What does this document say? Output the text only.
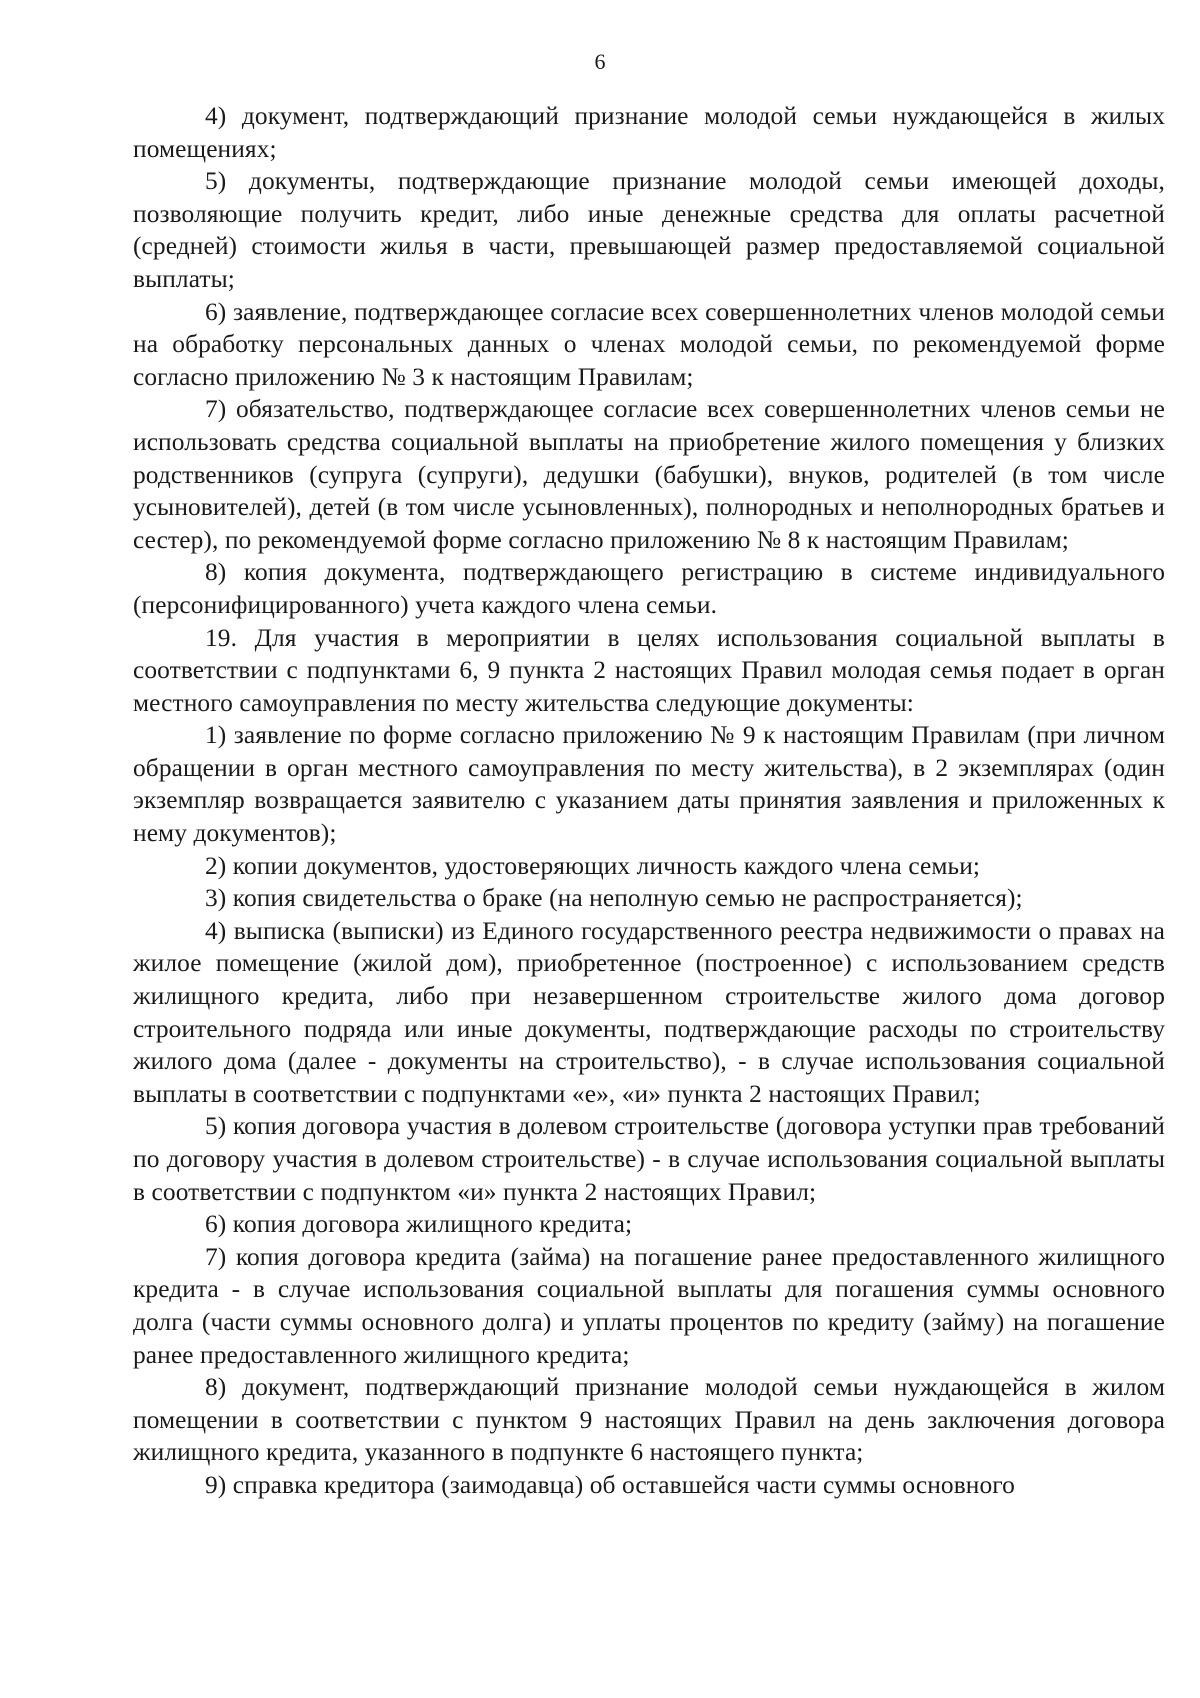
6

4) документ, подтверждающий признание молодой семьи нуждающейся в жилых помещениях;

5) документы, подтверждающие признание молодой семьи имеющей доходы, позволяющие получить кредит, либо иные денежные средства для оплаты расчетной (средней) стоимости жилья в части, превышающей размер предоставляемой социальной выплаты;

6) заявление, подтверждающее согласие всех совершеннолетних членов молодой семьи на обработку персональных данных о членах молодой семьи, по рекомендуемой форме согласно приложению № 3 к настоящим Правилам;

7) обязательство, подтверждающее согласие всех совершеннолетних членов семьи не использовать средства социальной выплаты на приобретение жилого помещения у близких родственников (супруга (супруги), дедушки (бабушки), внуков, родителей (в том числе усыновителей), детей (в том числе усыновленных), полнородных и неполнородных братьев и сестер), по рекомендуемой форме согласно приложению № 8 к настоящим Правилам;

8) копия документа, подтверждающего регистрацию в системе индивидуального (персонифицированного) учета каждого члена семьи.

19. Для участия в мероприятии в целях использования социальной выплаты в соответствии с подпунктами 6, 9 пункта 2 настоящих Правил молодая семья подает в орган местного самоуправления по месту жительства следующие документы:

1) заявление по форме согласно приложению № 9 к настоящим Правилам (при личном обращении в орган местного самоуправления по месту жительства), в 2 экземплярах (один экземпляр возвращается заявителю с указанием даты принятия заявления и приложенных к нему документов);

2) копии документов, удостоверяющих личность каждого члена семьи;

3) копия свидетельства о браке (на неполную семью не распространяется);

4) выписка (выписки) из Единого государственного реестра недвижимости о правах на жилое помещение (жилой дом), приобретенное (построенное) с использованием средств жилищного кредита, либо при незавершенном строительстве жилого дома договор строительного подряда или иные документы, подтверждающие расходы по строительству жилого дома (далее - документы на строительство), - в случае использования социальной выплаты в соответствии с подпунктами «е», «и» пункта 2 настоящих Правил;

5) копия договора участия в долевом строительстве (договора уступки прав требований по договору участия в долевом строительстве) - в случае использования социальной выплаты в соответствии с подпунктом «и» пункта 2 настоящих Правил;

6) копия договора жилищного кредита;

7) копия договора кредита (займа) на погашение ранее предоставленного жилищного кредита - в случае использования социальной выплаты для погашения суммы основного долга (части суммы основного долга) и уплаты процентов по кредиту (займу) на погашение ранее предоставленного жилищного кредита;

8) документ, подтверждающий признание молодой семьи нуждающейся в жилом помещении в соответствии с пунктом 9 настоящих Правил на день заключения договора жилищного кредита, указанного в подпункте 6 настоящего пункта;

9) справка кредитора (заимодавца) об оставшейся части суммы основного
